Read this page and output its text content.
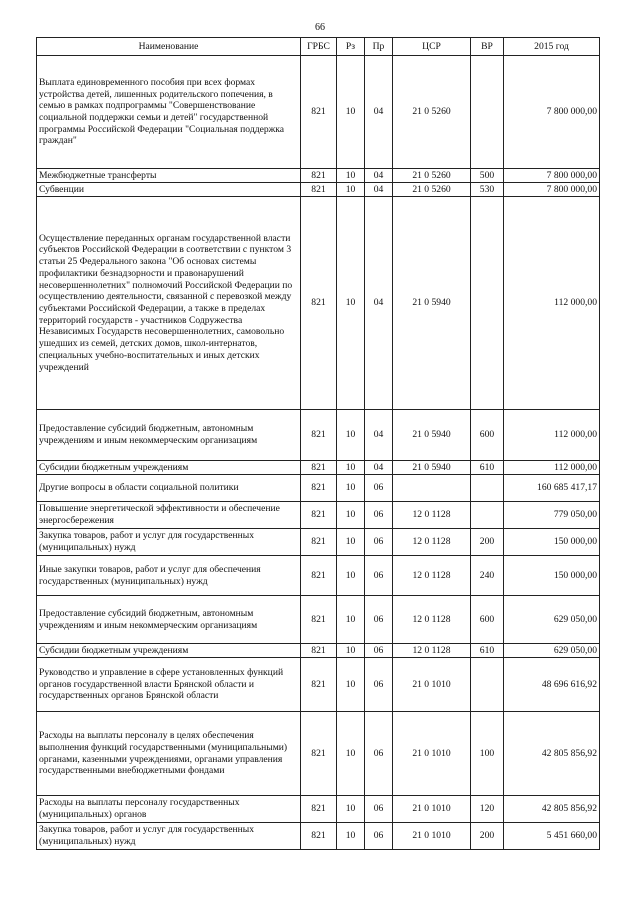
66
Наименование	ГРБС	Рз	Пр	ЦСР	ВР	2015 год
Выплата единовременного пособия при всех формах устройства детей, лишенных родительского попечения, в семью в рамках подпрограммы "Совершенствование социальной поддержки семьи и детей" государственной программы Российской Федерации "Социальная поддержка граждан"	821	10	04	21 0 5260		7 800 000,00
Межбюджетные трансферты	821	10	04	21 0 5260	500	7 800 000,00
Субвенции	821	10	04	21 0 5260	530	7 800 000,00
Осуществление переданных органам государственной власти субъектов Российской Федерации в соответствии с пунктом 3 статьи 25 Федерального закона "Об основах системы профилактики безнадзорности и правонарушений несовершеннолетних" полномочий Российской Федерации по осуществлению деятельности, связанной с перевозкой между субъектами Российской Федерации, а также в пределах территорий государств - участников Содружества Независимых Государств несовершеннолетних, самовольно ушедших из семей, детских домов, школ-интернатов, специальных учебно-воспитательных и иных детских учреждений	821	10	04	21 0 5940		112 000,00
Предоставление субсидий бюджетным, автономным учреждениям и иным некоммерческим организациям	821	10	04	21 0 5940	600	112 000,00
Субсидии бюджетным учреждениям	821	10	04	21 0 5940	610	112 000,00
Другие вопросы в области социальной политики	821	10	06			160 685 417,17
Повышение энергетической эффективности и обеспечение энергосбережения	821	10	06	12 0 1128		779 050,00
Закупка товаров, работ и услуг для государственных (муниципальных) нужд	821	10	06	12 0 1128	200	150 000,00
Иные закупки товаров, работ и услуг для обеспечения государственных (муниципальных) нужд	821	10	06	12 0 1128	240	150 000,00
Предоставление субсидий бюджетным, автономным учреждениям и иным некоммерческим организациям	821	10	06	12 0 1128	600	629 050,00
Субсидии бюджетным учреждениям	821	10	06	12 0 1128	610	629 050,00
Руководство и управление в сфере установленных функций органов государственной власти Брянской области и государственных органов Брянской области	821	10	06	21 0 1010		48 696 616,92
Расходы на выплаты персоналу в целях обеспечения выполнения функций государственными (муниципальными) органами, казенными учреждениями, органами управления государственными внебюджетными фондами	821	10	06	21 0 1010	100	42 805 856,92
Расходы на выплаты персоналу государственных (муниципальных) органов	821	10	06	21 0 1010	120	42 805 856,92
Закупка товаров, работ и услуг для государственных (муниципальных) нужд	821	10	06	21 0 1010	200	5 451 660,00
